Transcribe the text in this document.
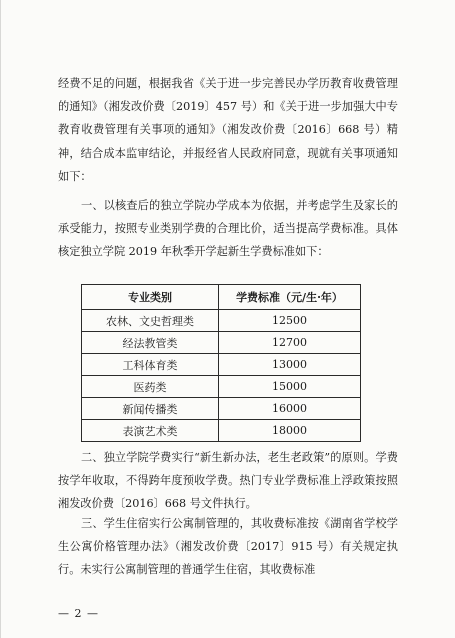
经费不足的问题，根据我省《关于进一步完善民办学历教育收费管理的通知》（湘发改价费〔2019〕457 号）和《关于进一步加强大中专教育收费管理有关事项的通知》（湘发改价费〔2016〕668 号）精神，结合成本监审结论，并报经省人民政府同意，现就有关事项通知如下：

一、以核查后的独立学院办学成本为依据，并考虑学生及家长的承受能力，按照专业类别学费的合理比价，适当提高学费标准。具体核定独立学院 2019 年秋季开学起新生学费标准如下：

专业类别	学费标准（元/生·年）
农林、文史哲理类	12500
经法教管类	12700
工科体育类	13000
医药类	15000
新闻传播类	16000
表演艺术类	18000

二、独立学院学费实行“新生新办法，老生老政策”的原则。学费按学年收取，不得跨年度预收学费。热门专业学费标准上浮政策按照湘发改价费〔2016〕668 号文件执行。

三、学生住宿实行公寓制管理的，其收费标准按《湖南省学校学生公寓价格管理办法》（湘发改价费〔2017〕915 号）有关规定执行。未实行公寓制管理的普通学生住宿，其收费标准

— 2 —
